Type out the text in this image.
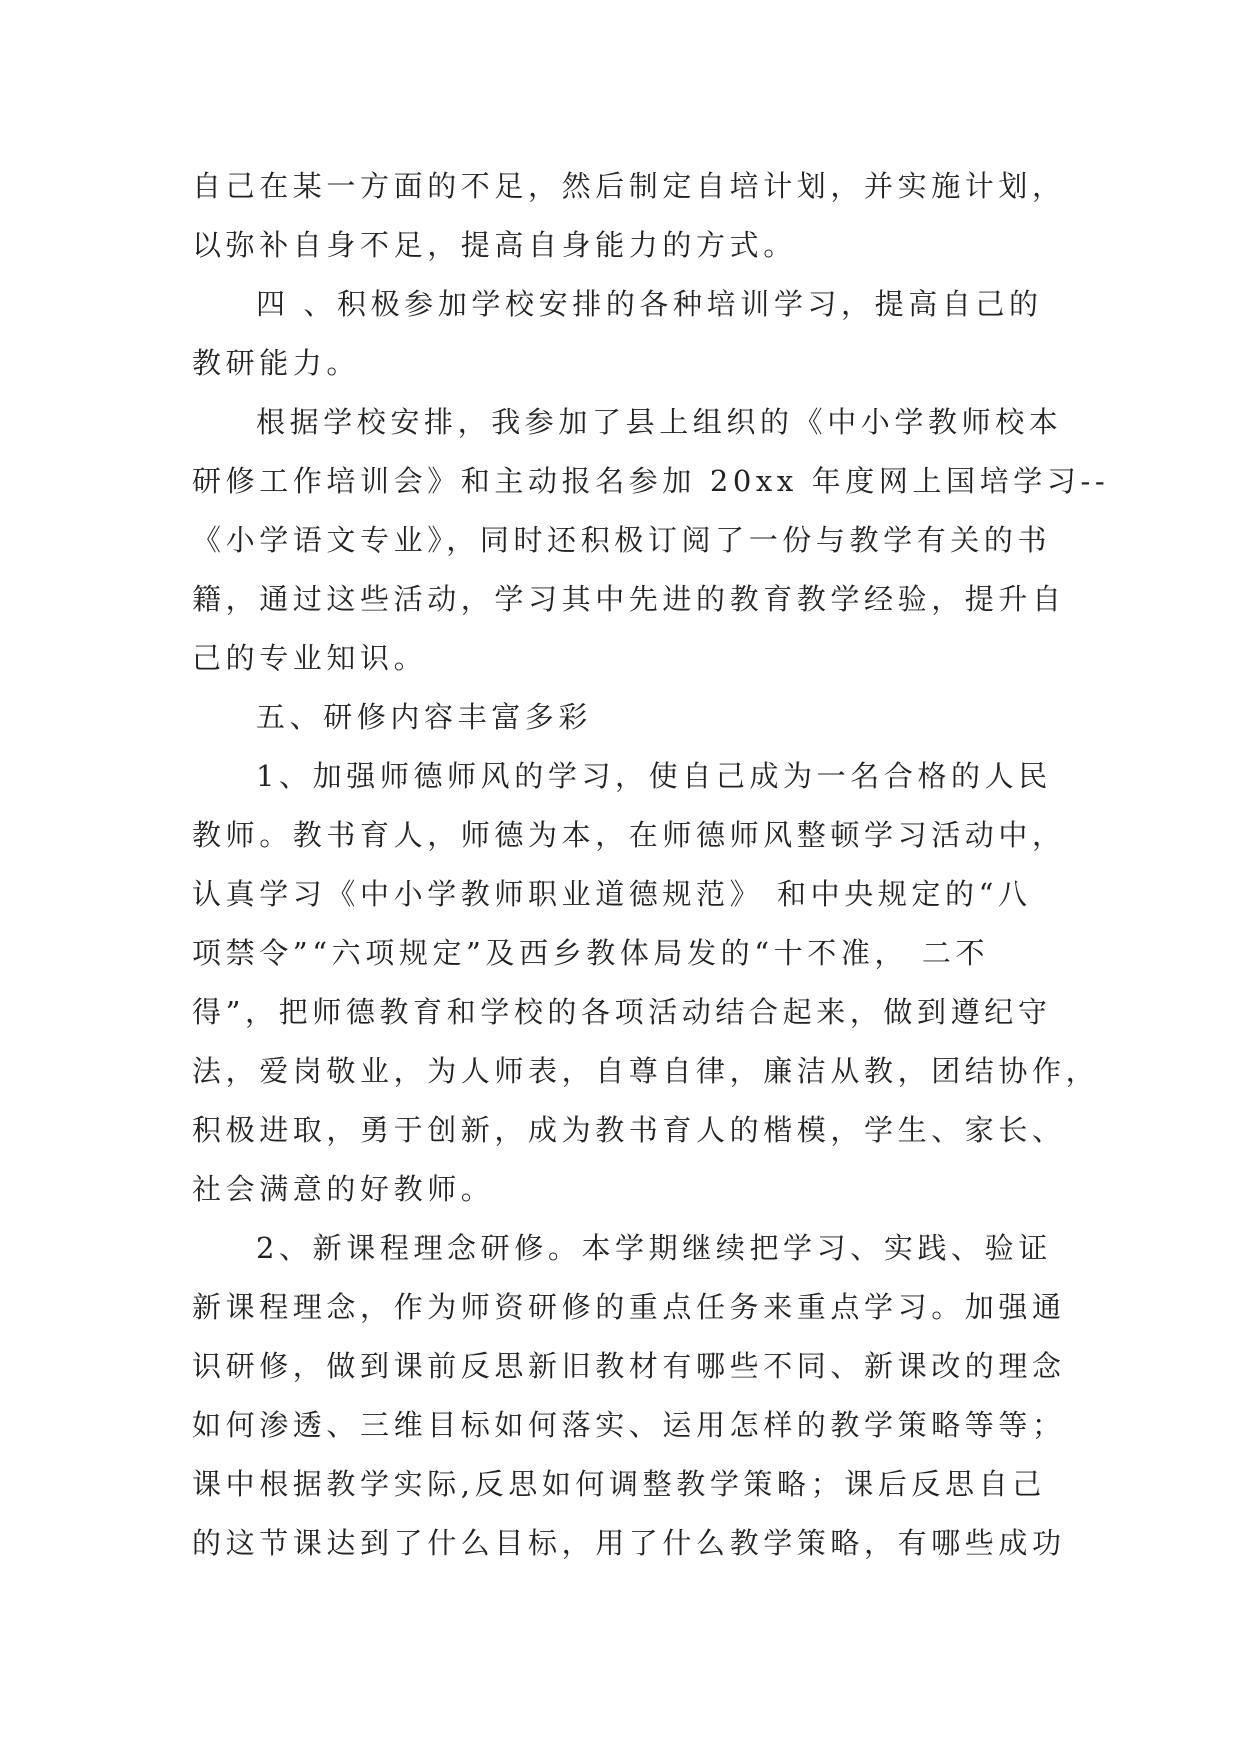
自己在某一方面的不足，然后制定自培计划，并实施计划，
以弥补自身不足，提高自身能力的方式。
四 、积极参加学校安排的各种培训学习，提高自己的
教研能力。
根据学校安排，我参加了县上组织的《中小学教师校本
研修工作培训会》和主动报名参加 20xx 年度网上国培学习--
《小学语文专业》，同时还积极订阅了一份与教学有关的书
籍，通过这些活动，学习其中先进的教育教学经验，提升自
己的专业知识。
五、研修内容丰富多彩
1、加强师德师风的学习，使自己成为一名合格的人民
教师。教书育人，师德为本，在师德师风整顿学习活动中，
认真学习《中小学教师职业道德规范》 和中央规定的“八
项禁令”“六项规定”及西乡教体局发的“十不准， 二不
得”，把师德教育和学校的各项活动结合起来，做到遵纪守
法，爱岗敬业，为人师表，自尊自律，廉洁从教，团结协作，
积极进取，勇于创新，成为教书育人的楷模，学生、家长、
社会满意的好教师。
2、新课程理念研修。本学期继续把学习、实践、验证
新课程理念，作为师资研修的重点任务来重点学习。加强通
识研修，做到课前反思新旧教材有哪些不同、新课改的理念
如何渗透、三维目标如何落实、运用怎样的教学策略等等；
课中根据教学实际,反思如何调整教学策略；课后反思自己
的这节课达到了什么目标，用了什么教学策略，有哪些成功
